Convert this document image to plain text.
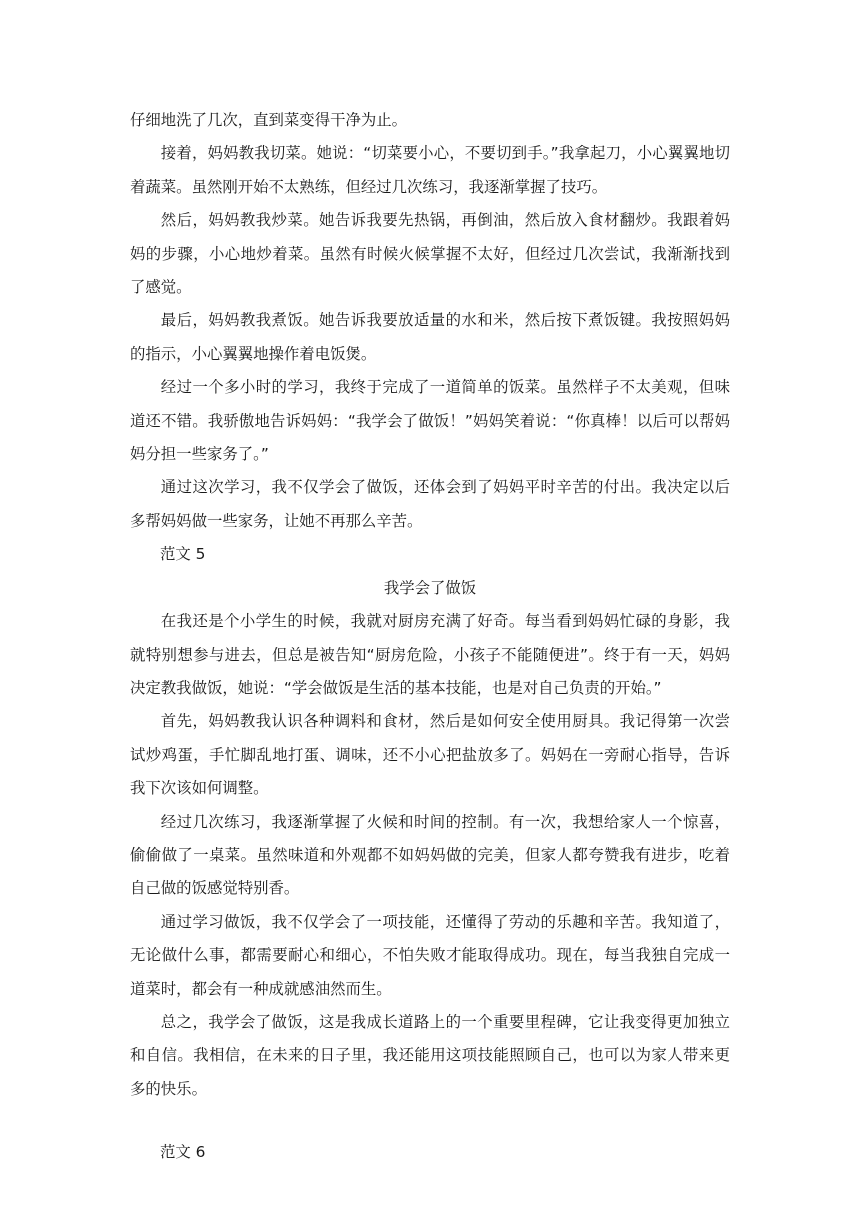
仔细地洗了几次，直到菜变得干净为止。

接着，妈妈教我切菜。她说：“切菜要小心，不要切到手。”我拿起刀，小心翼翼地切着蔬菜。虽然刚开始不太熟练，但经过几次练习，我逐渐掌握了技巧。

然后，妈妈教我炒菜。她告诉我要先热锅，再倒油，然后放入食材翻炒。我跟着妈妈的步骤，小心地炒着菜。虽然有时候火候掌握不太好，但经过几次尝试，我渐渐找到了感觉。

最后，妈妈教我煮饭。她告诉我要放适量的水和米，然后按下煮饭键。我按照妈妈的指示，小心翼翼地操作着电饭煲。

经过一个多小时的学习，我终于完成了一道简单的饭菜。虽然样子不太美观，但味道还不错。我骄傲地告诉妈妈：“我学会了做饭！”妈妈笑着说：“你真棒！以后可以帮妈妈分担一些家务了。”

通过这次学习，我不仅学会了做饭，还体会到了妈妈平时辛苦的付出。我决定以后多帮妈妈做一些家务，让她不再那么辛苦。

范文 5

我学会了做饭

在我还是个小学生的时候，我就对厨房充满了好奇。每当看到妈妈忙碌的身影，我就特别想参与进去，但总是被告知“厨房危险，小孩子不能随便进”。终于有一天，妈妈决定教我做饭，她说：“学会做饭是生活的基本技能，也是对自己负责的开始。”

首先，妈妈教我认识各种调料和食材，然后是如何安全使用厨具。我记得第一次尝试炒鸡蛋，手忙脚乱地打蛋、调味，还不小心把盐放多了。妈妈在一旁耐心指导，告诉我下次该如何调整。

经过几次练习，我逐渐掌握了火候和时间的控制。有一次，我想给家人一个惊喜，偷偷做了一桌菜。虽然味道和外观都不如妈妈做的完美，但家人都夸赞我有进步，吃着自己做的饭感觉特别香。

通过学习做饭，我不仅学会了一项技能，还懂得了劳动的乐趣和辛苦。我知道了，无论做什么事，都需要耐心和细心，不怕失败才能取得成功。现在，每当我独自完成一道菜时，都会有一种成就感油然而生。

总之，我学会了做饭，这是我成长道路上的一个重要里程碑，它让我变得更加独立和自信。我相信，在未来的日子里，我还能用这项技能照顾自己，也可以为家人带来更多的快乐。

范文 6
